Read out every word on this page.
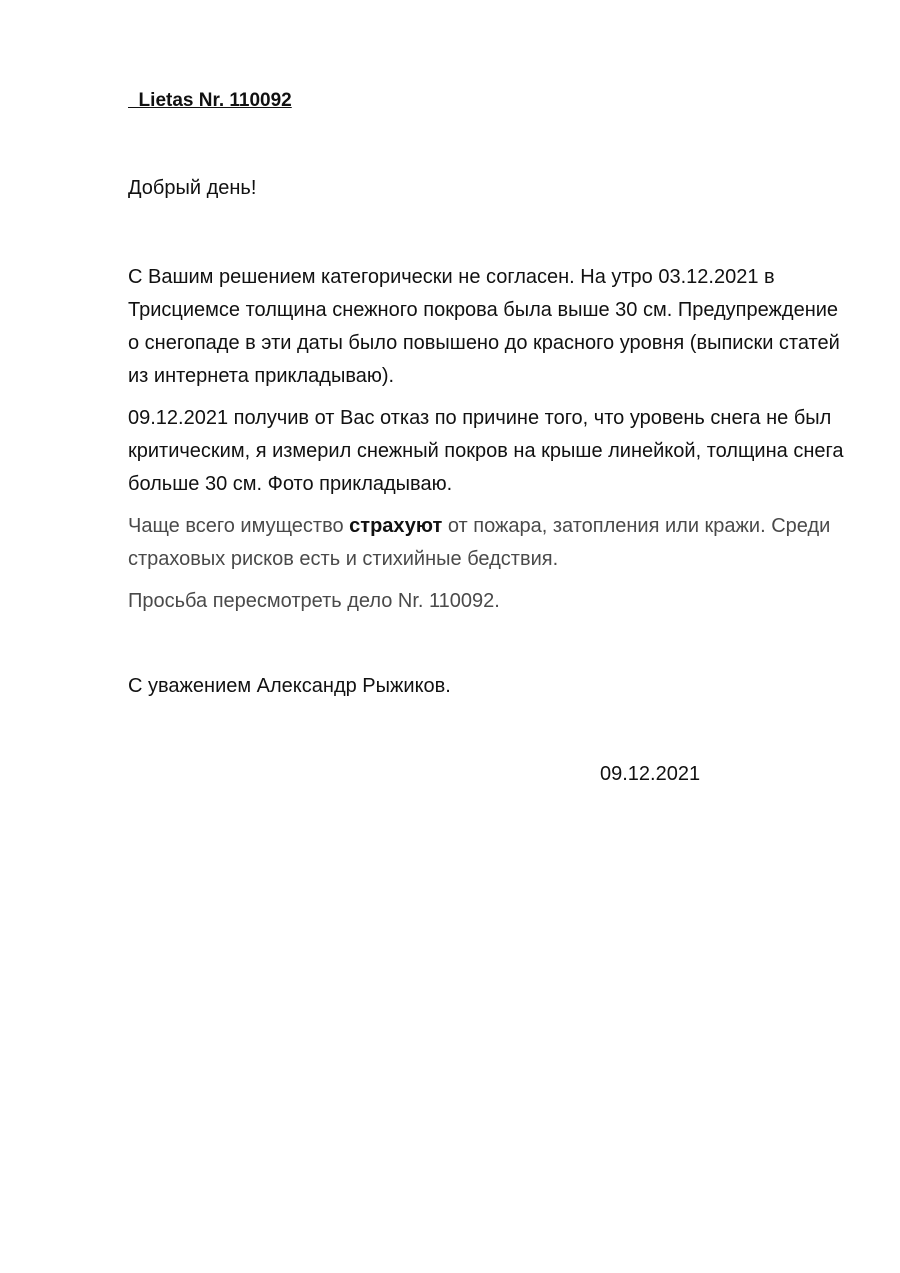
Lietas Nr. 110092
Добрый день!

С Вашим решением категорически не согласен. На утро 03.12.2021 в Трисциемсе толщина снежного покрова была выше 30 см. Предупреждение о снегопаде в эти даты было повышено до красного уровня (выписки статей из интернета прикладываю).

09.12.2021 получив от Вас отказ по причине того, что уровень снега не был критическим, я измерил снежный покров на крыше линейкой, толщина снега больше 30 см. Фото прикладываю.

Чаще всего имущество страхуют от пожара, затопления или кражи. Среди страховых рисков есть и стихийные бедствия.

Просьба пересмотреть дело Nr. 110092.

С уважением Александр Рыжиков.
09.12.2021
